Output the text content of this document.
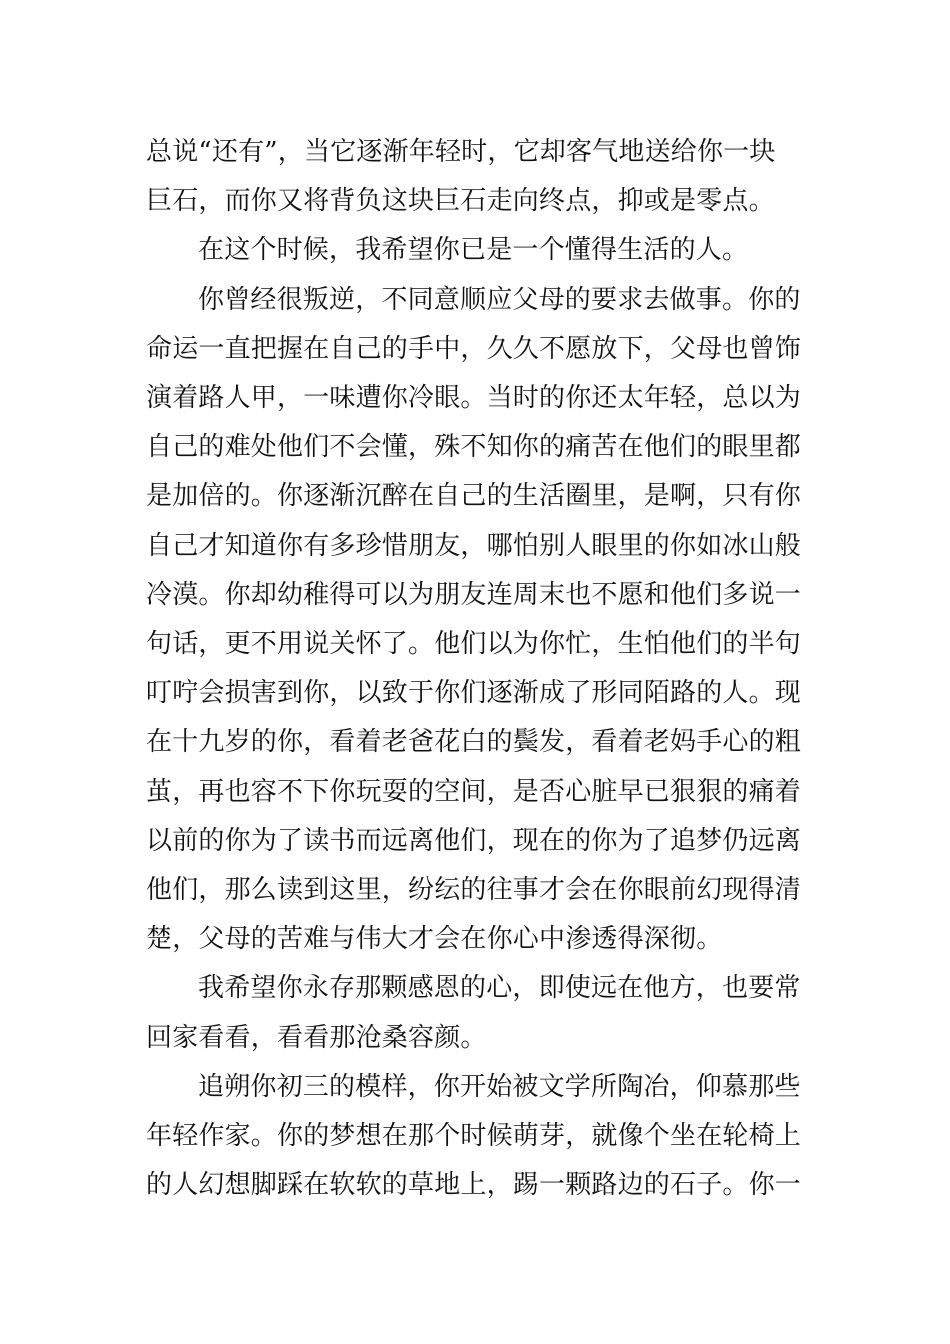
总说“还有”，当它逐渐年轻时，它却客气地送给你一块

巨石，而你又将背负这块巨石走向终点，抑或是零点。

在这个时候，我希望你已是一个懂得生活的人。

你曾经很叛逆，不同意顺应父母的要求去做事。你的

命运一直把握在自己的手中，久久不愿放下，父母也曾饰

演着路人甲，一味遭你冷眼。当时的你还太年轻，总以为

自己的难处他们不会懂，殊不知你的痛苦在他们的眼里都

是加倍的。你逐渐沉醉在自己的生活圈里，是啊，只有你

自己才知道你有多珍惜朋友，哪怕别人眼里的你如冰山般

冷漠。你却幼稚得可以为朋友连周末也不愿和他们多说一

句话，更不用说关怀了。他们以为你忙，生怕他们的半句

叮咛会损害到你，以致于你们逐渐成了形同陌路的人。现

在十九岁的你，看着老爸花白的鬓发，看着老妈手心的粗

茧，再也容不下你玩耍的空间，是否心脏早已狠狠的痛着

以前的你为了读书而远离他们，现在的你为了追梦仍远离

他们，那么读到这里，纷纭的往事才会在你眼前幻现得清

楚，父母的苦难与伟大才会在你心中渗透得深彻。

我希望你永存那颗感恩的心，即使远在他方，也要常

回家看看，看看那沧桑容颜。

追朔你初三的模样，你开始被文学所陶冶，仰慕那些

年轻作家。你的梦想在那个时候萌芽，就像个坐在轮椅上

的人幻想脚踩在软软的草地上，踢一颗路边的石子。你一
